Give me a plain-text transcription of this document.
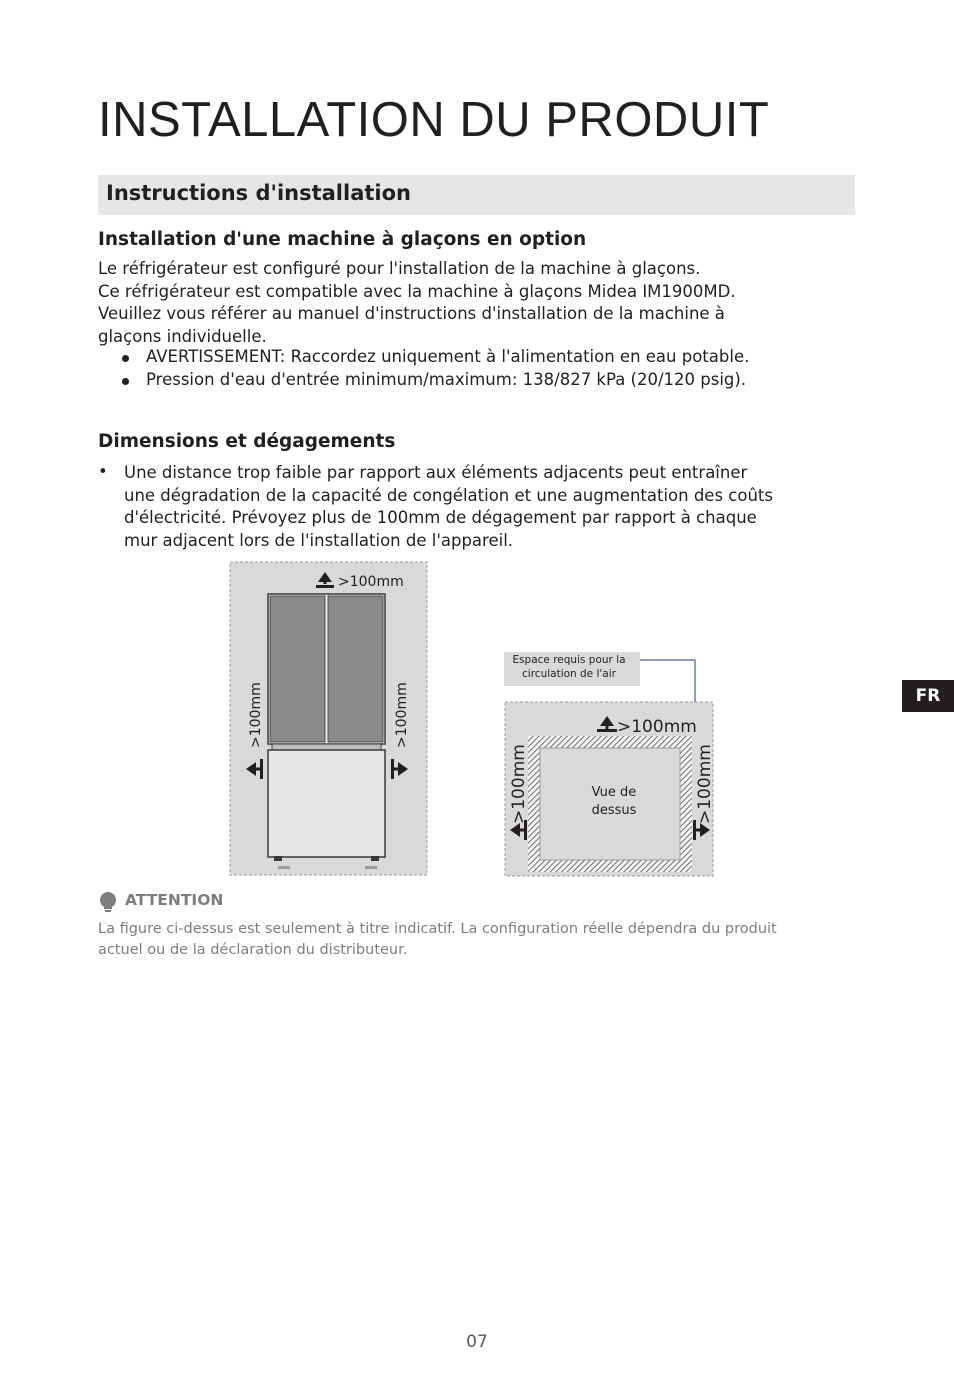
INSTALLATION DU PRODUIT
Instructions d'installation
Installation d'une machine à glaçons en option
Le réfrigérateur est configuré pour l'installation de la machine à glaçons.
Ce réfrigérateur est compatible avec la machine à glaçons Midea IM1900MD.
Veuillez vous référer au manuel d'instructions d'installation de la machine à
glaçons individuelle.
AVERTISSEMENT: Raccordez uniquement à l'alimentation en eau potable.
Pression d'eau d'entrée minimum/maximum: 138/827 kPa (20/120 psig).
Dimensions et dégagements
• Une distance trop faible par rapport aux éléments adjacents peut entraîner
une dégradation de la capacité de congélation et une augmentation des coûts
d'électricité. Prévoyez plus de 100mm de dégagement par rapport à chaque
mur adjacent lors de l'installation de l'appareil.
>100mm
>100mm	>100mm
Espace requis pour la
circulation de l'air
Vue de
dessus
>100mm
>100mm	>100mm
FR
ATTENTION
La figure ci-dessus est seulement à titre indicatif. La configuration réelle dépendra du produit
actuel ou de la déclaration du distributeur.
07
